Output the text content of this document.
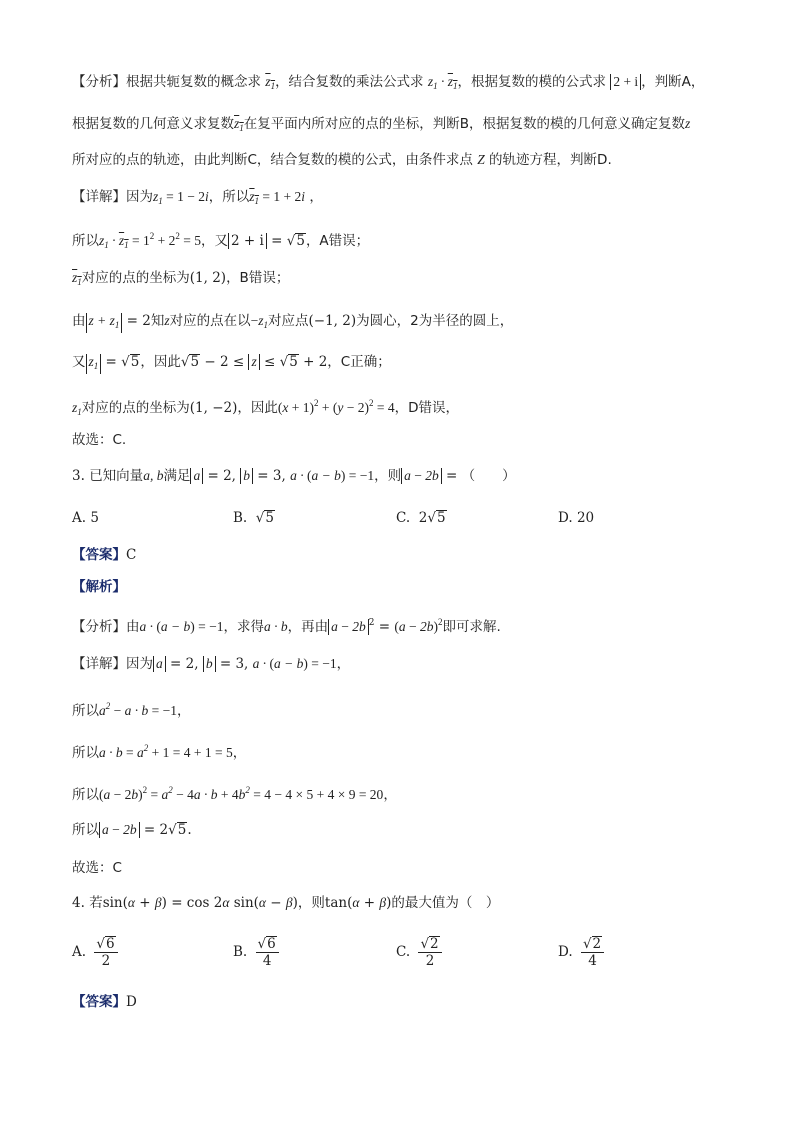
【分析】根据共轭复数的概念求 $z_1$，结合复数的乘法公式求 $z_1 \cdot z_1$，根据复数的模的公式求 2 + i ，判断A，
根据复数的几何意义求复数$z_1$在复平面内所对应的点的坐标，判断B，根据复数的模的几何意义确定复数z
所对应的点的轨迹，由此判断C，结合复数的模的公式，由条件求点 Z 的轨迹方程，判断D.
【详解】因为$z_1 = 1 - 2i$，所以$z_1 = 1 + 2i$ ，
所以$z_1 \cdot z_1 = 1^2 + 2^2 = 5$，又 2 + i = √5，A错误；
$z_1$对应的点的坐标为(1, 2)，B错误；
由 $z + z_1 = 2$知z对应的点在以$-z_1$对应点(−1, 2)为圆心，2为半径的圆上，
又 $z_1 = √5$，因此√5 − 2 ≤ z ≤ √5 + 2，C正确；
$z_1$对应的点的坐标为(1, −2)，因此$(x + 1)^2 + (y - 2)^2 = 4$，D错误，
故选：C.
3. 已知向量a, b满足 a = 2, b = 3, a · (a − b) = −1，则 a − 2b = （　　）
A. 5	B.  √5	C. 2√5	D. 20
【答案】C
【解析】
【分析】由a · (a − b) = −1，求得a · b，再由 a − 2b $^2 = (a - 2b)^2$即可求解.
【详解】因为 a = 2, b = 3, a · (a − b) = −1，
所以$a^2 - a \cdot b = -1$，
所以$a \cdot b = a^2 + 1 = 4 + 1 = 5$，
所以$(a - 2b)^2 = a^2 - 4a \cdot b + 4b^2 = 4 - 4 \times 5 + 4 \times 9 = 20$，
所以 a − 2b = 2√5.
故选：C
4. 若sin(α + β) = cos 2α sin(α − β)，则tan(α + β)的最大值为（　）
A. $\frac{√6}{2}$	B. $\frac{√6}{4}$	C. $\frac{√2}{2}$	D. $\frac{√2}{4}$
【答案】D
